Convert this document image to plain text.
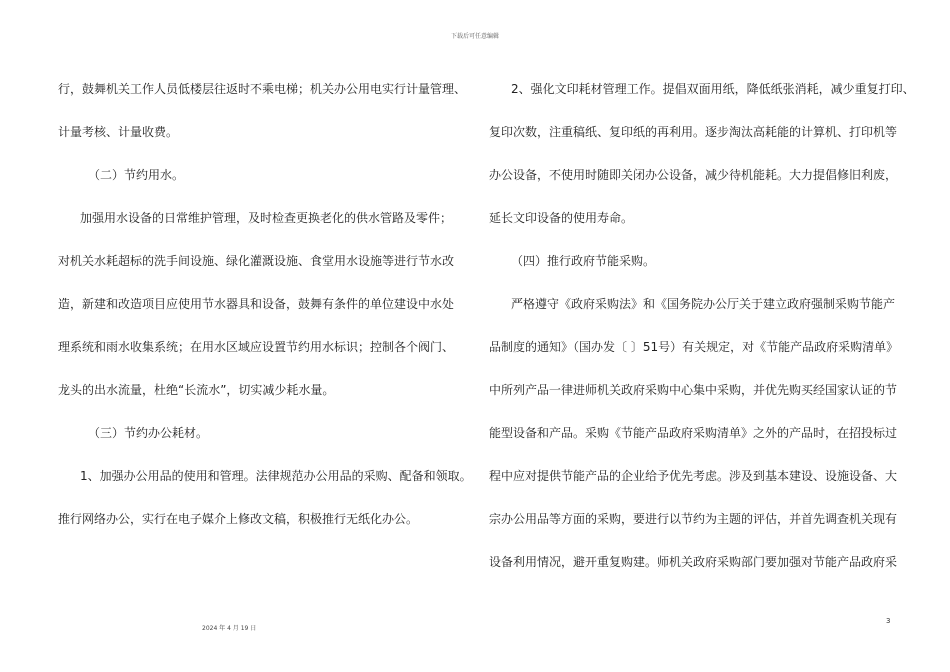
下载后可任意编辑
行，鼓舞机关工作人员低楼层往返时不乘电梯；机关办公用电实行计量管理、
计量考核、计量收费。
（二）节约用水。
加强用水设备的日常维护管理，及时检查更换老化的供水管路及零件；
对机关水耗超标的洗手间设施、绿化灌溉设施、食堂用水设施等进行节水改
造，新建和改造项目应使用节水器具和设备，鼓舞有条件的单位建设中水处
理系统和雨水收集系统；在用水区域应设置节约用水标识；控制各个阀门、
龙头的出水流量，杜绝“长流水”，切实减少耗水量。
（三）节约办公耗材。
1、加强办公用品的使用和管理。法律规范办公用品的采购、配备和领取。
推行网络办公，实行在电子媒介上修改文稿，积极推行无纸化办公。
2、强化文印耗材管理工作。提倡双面用纸，降低纸张消耗，减少重复打印、
复印次数，注重稿纸、复印纸的再利用。逐步淘汰高耗能的计算机、打印机等
办公设备，不使用时随即关闭办公设备，减少待机能耗。大力提倡修旧利废，
延长文印设备的使用寿命。
（四）推行政府节能采购。
严格遵守《政府采购法》和《国务院办公厅关于建立政府强制采购节能产
品制度的通知》（国办发〔 〕51号）有关规定，对《节能产品政府采购清单》
中所列产品一律进师机关政府采购中心集中采购，并优先购买经国家认证的节
能型设备和产品。采购《节能产品政府采购清单》之外的产品时，在招投标过
程中应对提供节能产品的企业给予优先考虑。涉及到基本建设、设施设备、大
宗办公用品等方面的采购，要进行以节约为主题的评估，并首先调查机关现有
设备利用情况，避开重复购建。师机关政府采购部门要加强对节能产品政府采
2024 年 4 月 19 日
3
